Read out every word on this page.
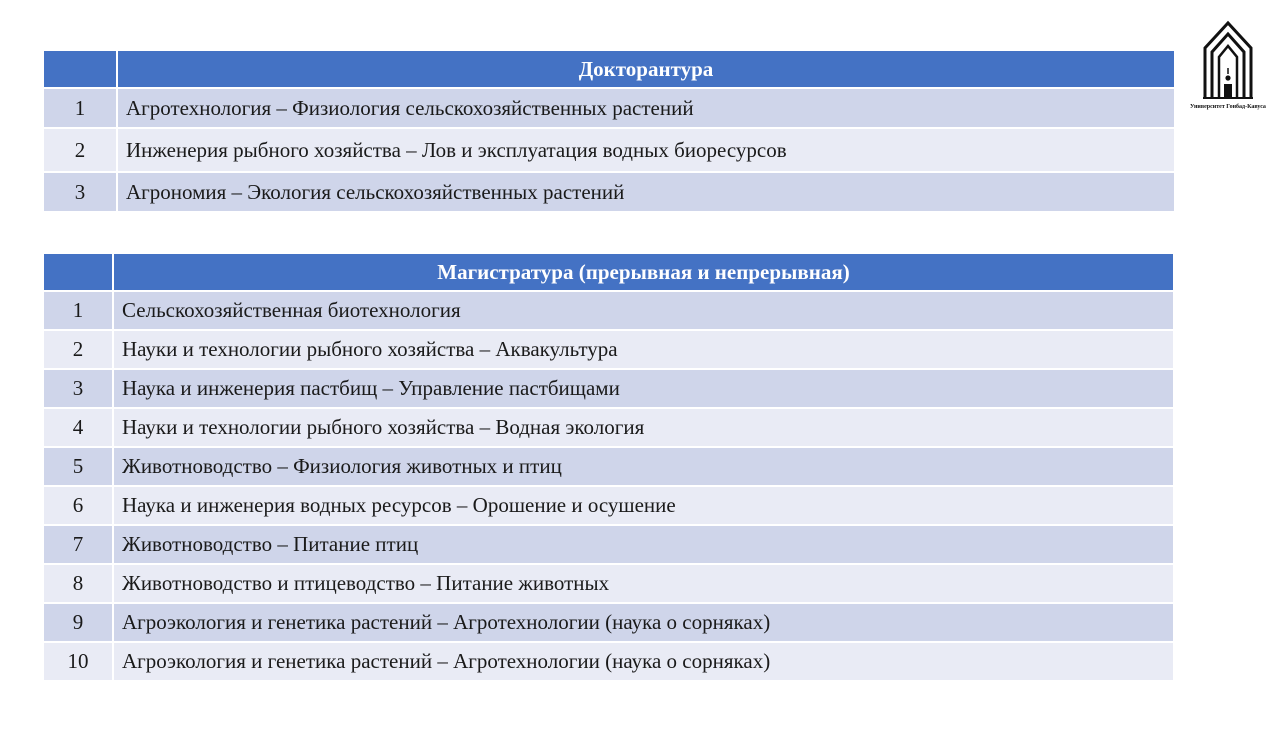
	Докторантура
1	Агротехнология – Физиология сельскохозяйственных растений
2	Инженерия рыбного хозяйства – Лов и эксплуатация водных биоресурсов
3	Агрономия – Экология сельскохозяйственных растений
	Магистратура (прерывная и непрерывная)
1	Сельскохозяйственная биотехнология
2	Науки и технологии рыбного хозяйства – Аквакультура
3	Наука и инженерия пастбищ – Управление пастбищами
4	Науки и технологии рыбного хозяйства – Водная экология
5	Животноводство – Физиология животных и птиц
6	Наука и инженерия водных ресурсов – Орошение и осушение
7	Животноводство – Питание птиц
8	Животноводство и птицеводство – Питание животных
9	Агроэкология и генетика растений – Агротехнологии (наука о сорняках)
10	Агроэкология и генетика растений – Агротехнологии (наука о сорняках)
Университет Гонбад-Кавуса
